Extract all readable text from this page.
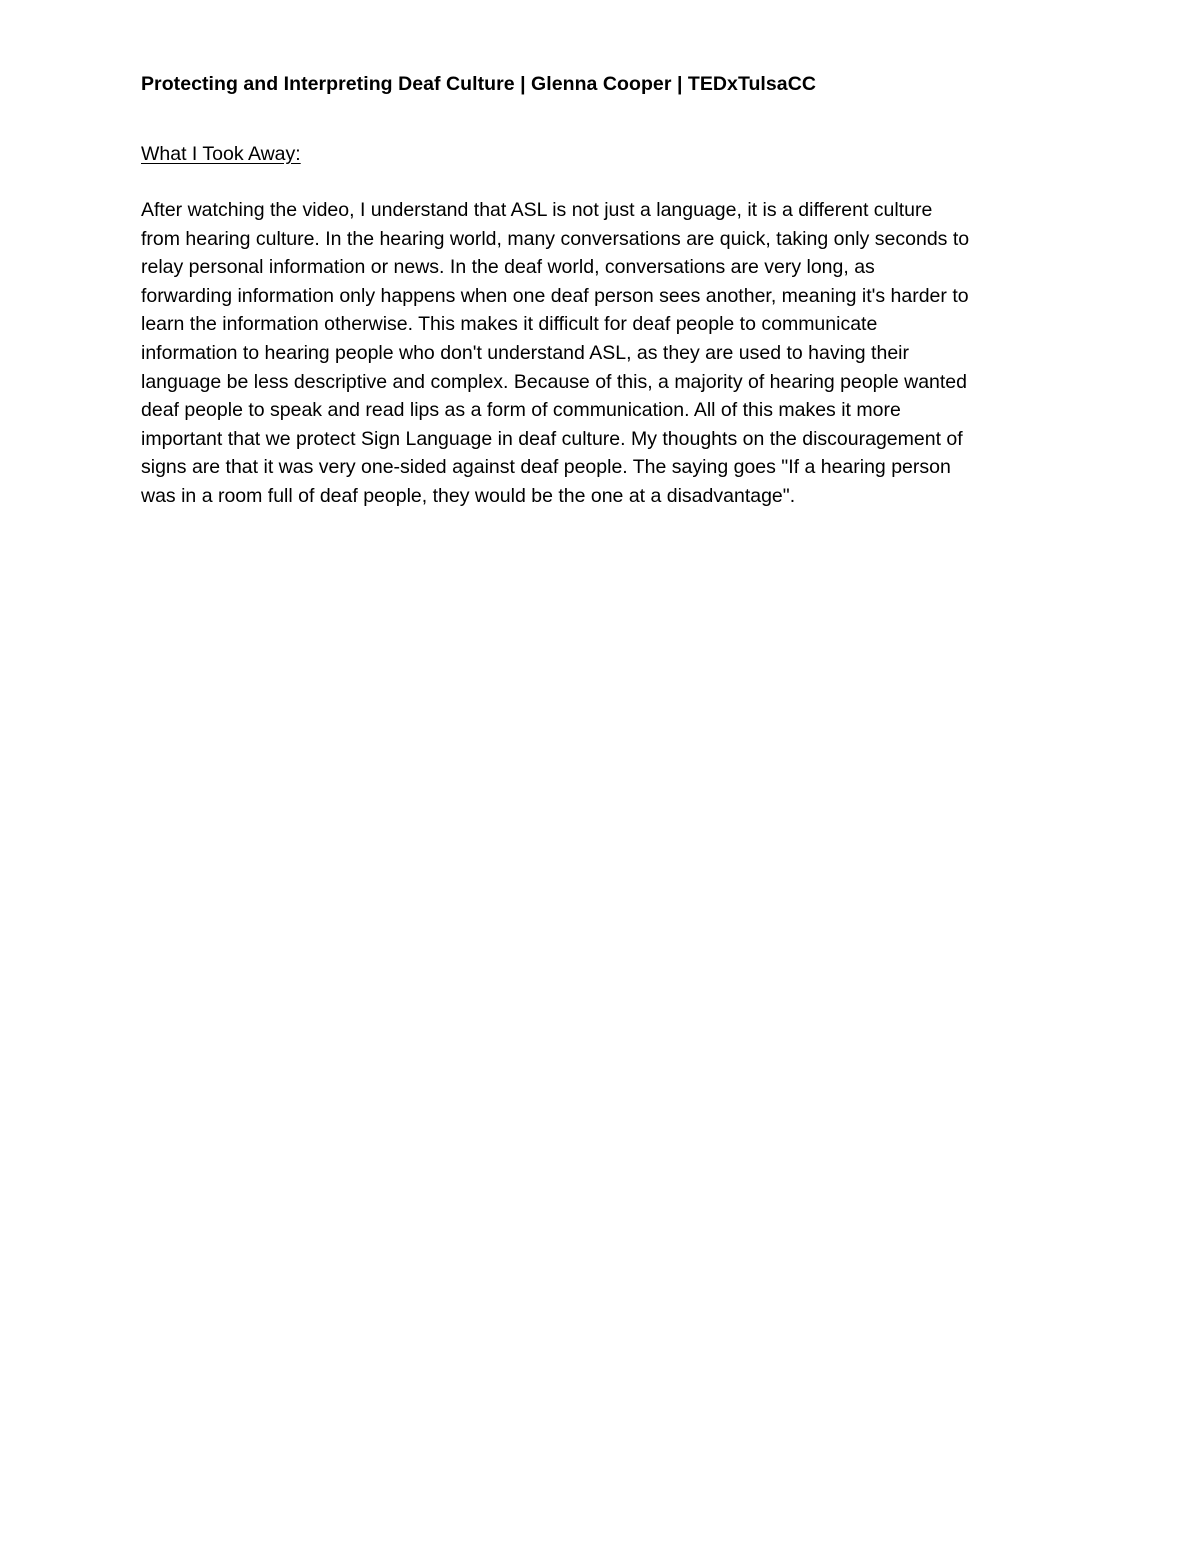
Protecting and Interpreting Deaf Culture | Glenna Cooper | TEDxTulsaCC
What I Took Away:

After watching the video, I understand that ASL is not just a language, it is a different culture
from hearing culture. In the hearing world, many conversations are quick, taking only seconds to
relay personal information or news. In the deaf world, conversations are very long, as
forwarding information only happens when one deaf person sees another, meaning it's harder to
learn the information otherwise. This makes it difficult for deaf people to communicate
information to hearing people who don't understand ASL, as they are used to having their
language be less descriptive and complex. Because of this, a majority of hearing people wanted
deaf people to speak and read lips as a form of communication. All of this makes it more
important that we protect Sign Language in deaf culture. My thoughts on the discouragement of
signs are that it was very one-sided against deaf people. The saying goes "If a hearing person
was in a room full of deaf people, they would be the one at a disadvantage".
